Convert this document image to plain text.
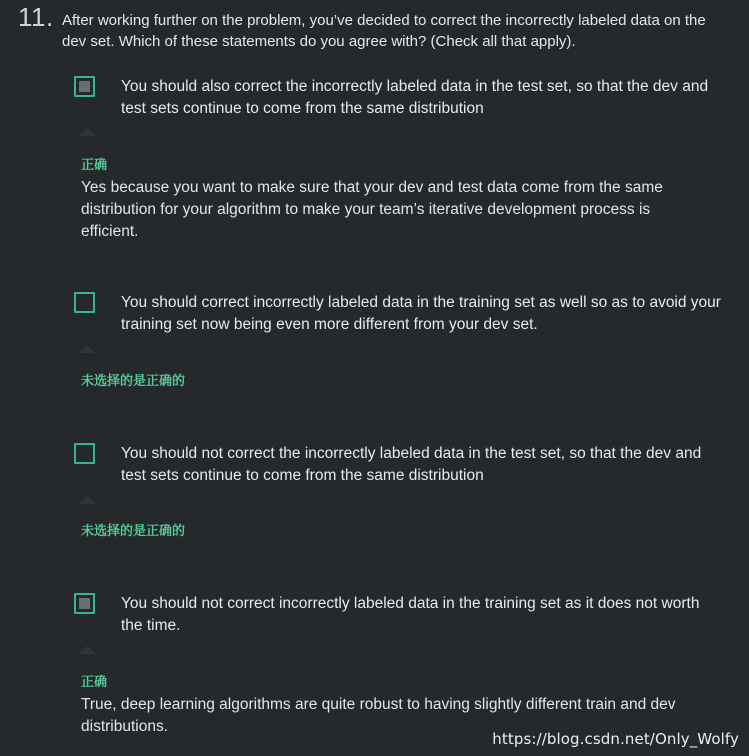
11. After working further on the problem, you’ve decided to correct the incorrectly labeled data on the dev set. Which of these statements do you agree with? (Check all that apply).
You should also correct the incorrectly labeled data in the test set, so that the dev and test sets continue to come from the same distribution
正确
Yes because you want to make sure that your dev and test data come from the same distribution for your algorithm to make your team’s iterative development process is efficient.
You should correct incorrectly labeled data in the training set as well so as to avoid your training set now being even more different from your dev set.
未选择的是正确的
You should not correct the incorrectly labeled data in the test set, so that the dev and test sets continue to come from the same distribution
未选择的是正确的
You should not correct incorrectly labeled data in the training set as it does not worth the time.
正确
True, deep learning algorithms are quite robust to having slightly different train and dev distributions.
https://blog.csdn.net/Only_Wolfy
